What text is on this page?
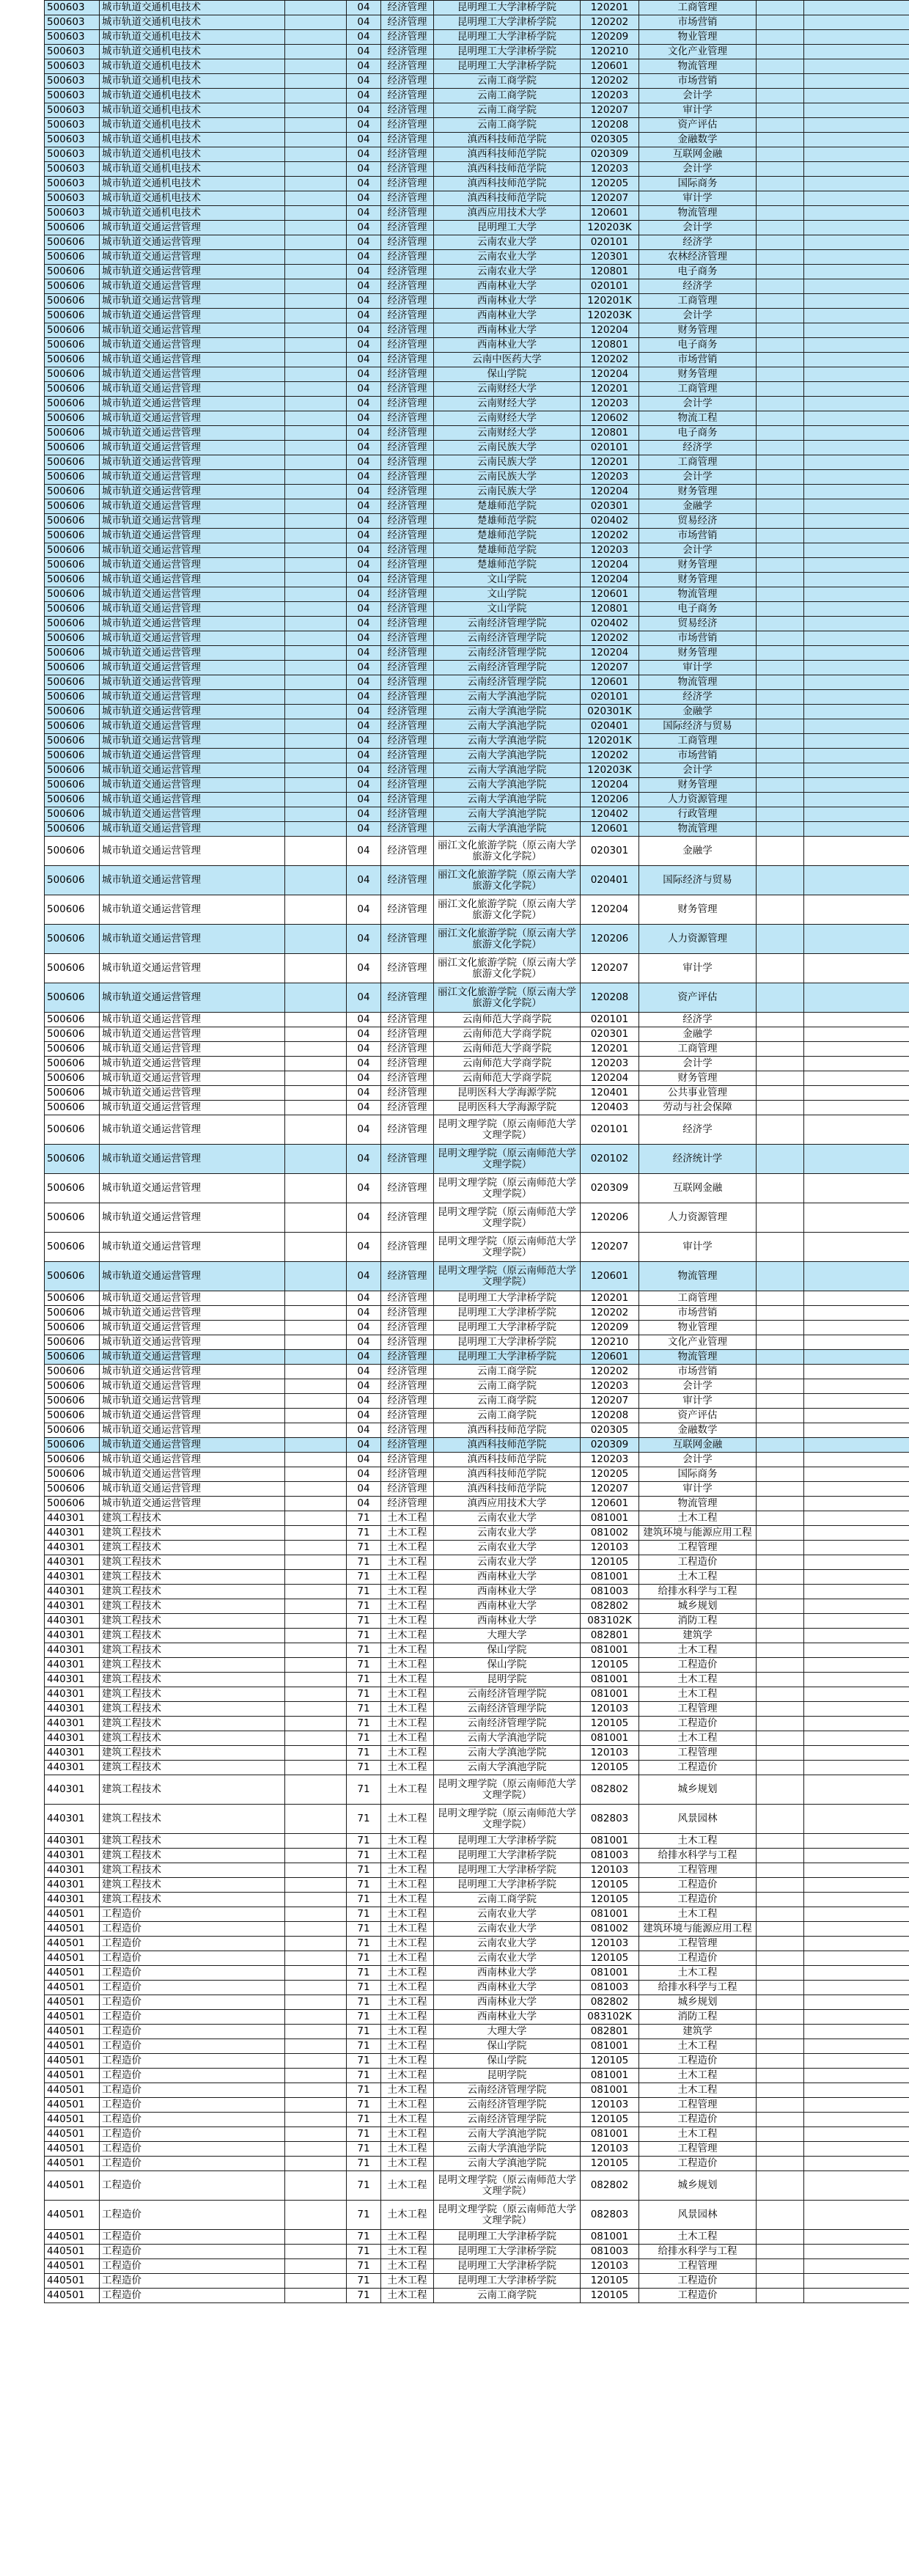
500603	城市轨道交通机电技术		04	经济管理	昆明理工大学津桥学院	120201	工商管理		
500603	城市轨道交通机电技术		04	经济管理	昆明理工大学津桥学院	120202	市场营销		
500603	城市轨道交通机电技术		04	经济管理	昆明理工大学津桥学院	120209	物业管理		
500603	城市轨道交通机电技术		04	经济管理	昆明理工大学津桥学院	120210	文化产业管理		
500603	城市轨道交通机电技术		04	经济管理	昆明理工大学津桥学院	120601	物流管理		
500603	城市轨道交通机电技术		04	经济管理	云南工商学院	120202	市场营销		
500603	城市轨道交通机电技术		04	经济管理	云南工商学院	120203	会计学		
500603	城市轨道交通机电技术		04	经济管理	云南工商学院	120207	审计学		
500603	城市轨道交通机电技术		04	经济管理	云南工商学院	120208	资产评估		
500603	城市轨道交通机电技术		04	经济管理	滇西科技师范学院	020305	金融数学		
500603	城市轨道交通机电技术		04	经济管理	滇西科技师范学院	020309	互联网金融		
500603	城市轨道交通机电技术		04	经济管理	滇西科技师范学院	120203	会计学		
500603	城市轨道交通机电技术		04	经济管理	滇西科技师范学院	120205	国际商务		
500603	城市轨道交通机电技术		04	经济管理	滇西科技师范学院	120207	审计学		
500603	城市轨道交通机电技术		04	经济管理	滇西应用技术大学	120601	物流管理		
500606	城市轨道交通运营管理		04	经济管理	昆明理工大学	120203K	会计学		
500606	城市轨道交通运营管理		04	经济管理	云南农业大学	020101	经济学		
500606	城市轨道交通运营管理		04	经济管理	云南农业大学	120301	农林经济管理		
500606	城市轨道交通运营管理		04	经济管理	云南农业大学	120801	电子商务		
500606	城市轨道交通运营管理		04	经济管理	西南林业大学	020101	经济学		
500606	城市轨道交通运营管理		04	经济管理	西南林业大学	120201K	工商管理		
500606	城市轨道交通运营管理		04	经济管理	西南林业大学	120203K	会计学		
500606	城市轨道交通运营管理		04	经济管理	西南林业大学	120204	财务管理		
500606	城市轨道交通运营管理		04	经济管理	西南林业大学	120801	电子商务		
500606	城市轨道交通运营管理		04	经济管理	云南中医药大学	120202	市场营销		
500606	城市轨道交通运营管理		04	经济管理	保山学院	120204	财务管理		
500606	城市轨道交通运营管理		04	经济管理	云南财经大学	120201	工商管理		
500606	城市轨道交通运营管理		04	经济管理	云南财经大学	120203	会计学		
500606	城市轨道交通运营管理		04	经济管理	云南财经大学	120602	物流工程		
500606	城市轨道交通运营管理		04	经济管理	云南财经大学	120801	电子商务		
500606	城市轨道交通运营管理		04	经济管理	云南民族大学	020101	经济学		
500606	城市轨道交通运营管理		04	经济管理	云南民族大学	120201	工商管理		
500606	城市轨道交通运营管理		04	经济管理	云南民族大学	120203	会计学		
500606	城市轨道交通运营管理		04	经济管理	云南民族大学	120204	财务管理		
500606	城市轨道交通运营管理		04	经济管理	楚雄师范学院	020301	金融学		
500606	城市轨道交通运营管理		04	经济管理	楚雄师范学院	020402	贸易经济		
500606	城市轨道交通运营管理		04	经济管理	楚雄师范学院	120202	市场营销		
500606	城市轨道交通运营管理		04	经济管理	楚雄师范学院	120203	会计学		
500606	城市轨道交通运营管理		04	经济管理	楚雄师范学院	120204	财务管理		
500606	城市轨道交通运营管理		04	经济管理	文山学院	120204	财务管理		
500606	城市轨道交通运营管理		04	经济管理	文山学院	120601	物流管理		
500606	城市轨道交通运营管理		04	经济管理	文山学院	120801	电子商务		
500606	城市轨道交通运营管理		04	经济管理	云南经济管理学院	020402	贸易经济		
500606	城市轨道交通运营管理		04	经济管理	云南经济管理学院	120202	市场营销		
500606	城市轨道交通运营管理		04	经济管理	云南经济管理学院	120204	财务管理		
500606	城市轨道交通运营管理		04	经济管理	云南经济管理学院	120207	审计学		
500606	城市轨道交通运营管理		04	经济管理	云南经济管理学院	120601	物流管理		
500606	城市轨道交通运营管理		04	经济管理	云南大学滇池学院	020101	经济学		
500606	城市轨道交通运营管理		04	经济管理	云南大学滇池学院	020301K	金融学		
500606	城市轨道交通运营管理		04	经济管理	云南大学滇池学院	020401	国际经济与贸易		
500606	城市轨道交通运营管理		04	经济管理	云南大学滇池学院	120201K	工商管理		
500606	城市轨道交通运营管理		04	经济管理	云南大学滇池学院	120202	市场营销		
500606	城市轨道交通运营管理		04	经济管理	云南大学滇池学院	120203K	会计学		
500606	城市轨道交通运营管理		04	经济管理	云南大学滇池学院	120204	财务管理		
500606	城市轨道交通运营管理		04	经济管理	云南大学滇池学院	120206	人力资源管理		
500606	城市轨道交通运营管理		04	经济管理	云南大学滇池学院	120402	行政管理		
500606	城市轨道交通运营管理		04	经济管理	云南大学滇池学院	120601	物流管理		
500606	城市轨道交通运营管理		04	经济管理	丽江文化旅游学院（原云南大学旅游文化学院）	020301	金融学		
500606	城市轨道交通运营管理		04	经济管理	丽江文化旅游学院（原云南大学旅游文化学院）	020401	国际经济与贸易		
500606	城市轨道交通运营管理		04	经济管理	丽江文化旅游学院（原云南大学旅游文化学院）	120204	财务管理		
500606	城市轨道交通运营管理		04	经济管理	丽江文化旅游学院（原云南大学旅游文化学院）	120206	人力资源管理		
500606	城市轨道交通运营管理		04	经济管理	丽江文化旅游学院（原云南大学旅游文化学院）	120207	审计学		
500606	城市轨道交通运营管理		04	经济管理	丽江文化旅游学院（原云南大学旅游文化学院）	120208	资产评估		
500606	城市轨道交通运营管理		04	经济管理	云南师范大学商学院	020101	经济学		
500606	城市轨道交通运营管理		04	经济管理	云南师范大学商学院	020301	金融学		
500606	城市轨道交通运营管理		04	经济管理	云南师范大学商学院	120201	工商管理		
500606	城市轨道交通运营管理		04	经济管理	云南师范大学商学院	120203	会计学		
500606	城市轨道交通运营管理		04	经济管理	云南师范大学商学院	120204	财务管理		
500606	城市轨道交通运营管理		04	经济管理	昆明医科大学海源学院	120401	公共事业管理		
500606	城市轨道交通运营管理		04	经济管理	昆明医科大学海源学院	120403	劳动与社会保障		
500606	城市轨道交通运营管理		04	经济管理	昆明文理学院（原云南师范大学文理学院）	020101	经济学		
500606	城市轨道交通运营管理		04	经济管理	昆明文理学院（原云南师范大学文理学院）	020102	经济统计学		
500606	城市轨道交通运营管理		04	经济管理	昆明文理学院（原云南师范大学文理学院）	020309	互联网金融		
500606	城市轨道交通运营管理		04	经济管理	昆明文理学院（原云南师范大学文理学院）	120206	人力资源管理		
500606	城市轨道交通运营管理		04	经济管理	昆明文理学院（原云南师范大学文理学院）	120207	审计学		
500606	城市轨道交通运营管理		04	经济管理	昆明文理学院（原云南师范大学文理学院）	120601	物流管理		
500606	城市轨道交通运营管理		04	经济管理	昆明理工大学津桥学院	120201	工商管理		
500606	城市轨道交通运营管理		04	经济管理	昆明理工大学津桥学院	120202	市场营销		
500606	城市轨道交通运营管理		04	经济管理	昆明理工大学津桥学院	120209	物业管理		
500606	城市轨道交通运营管理		04	经济管理	昆明理工大学津桥学院	120210	文化产业管理		
500606	城市轨道交通运营管理		04	经济管理	昆明理工大学津桥学院	120601	物流管理		
500606	城市轨道交通运营管理		04	经济管理	云南工商学院	120202	市场营销		
500606	城市轨道交通运营管理		04	经济管理	云南工商学院	120203	会计学		
500606	城市轨道交通运营管理		04	经济管理	云南工商学院	120207	审计学		
500606	城市轨道交通运营管理		04	经济管理	云南工商学院	120208	资产评估		
500606	城市轨道交通运营管理		04	经济管理	滇西科技师范学院	020305	金融数学		
500606	城市轨道交通运营管理		04	经济管理	滇西科技师范学院	020309	互联网金融		
500606	城市轨道交通运营管理		04	经济管理	滇西科技师范学院	120203	会计学		
500606	城市轨道交通运营管理		04	经济管理	滇西科技师范学院	120205	国际商务		
500606	城市轨道交通运营管理		04	经济管理	滇西科技师范学院	120207	审计学		
500606	城市轨道交通运营管理		04	经济管理	滇西应用技术大学	120601	物流管理		
440301	建筑工程技术		71	土木工程	云南农业大学	081001	土木工程		
440301	建筑工程技术		71	土木工程	云南农业大学	081002	建筑环境与能源应用工程		
440301	建筑工程技术		71	土木工程	云南农业大学	120103	工程管理		
440301	建筑工程技术		71	土木工程	云南农业大学	120105	工程造价		
440301	建筑工程技术		71	土木工程	西南林业大学	081001	土木工程		
440301	建筑工程技术		71	土木工程	西南林业大学	081003	给排水科学与工程		
440301	建筑工程技术		71	土木工程	西南林业大学	082802	城乡规划		
440301	建筑工程技术		71	土木工程	西南林业大学	083102K	消防工程		
440301	建筑工程技术		71	土木工程	大理大学	082801	建筑学		
440301	建筑工程技术		71	土木工程	保山学院	081001	土木工程		
440301	建筑工程技术		71	土木工程	保山学院	120105	工程造价		
440301	建筑工程技术		71	土木工程	昆明学院	081001	土木工程		
440301	建筑工程技术		71	土木工程	云南经济管理学院	081001	土木工程		
440301	建筑工程技术		71	土木工程	云南经济管理学院	120103	工程管理		
440301	建筑工程技术		71	土木工程	云南经济管理学院	120105	工程造价		
440301	建筑工程技术		71	土木工程	云南大学滇池学院	081001	土木工程		
440301	建筑工程技术		71	土木工程	云南大学滇池学院	120103	工程管理		
440301	建筑工程技术		71	土木工程	云南大学滇池学院	120105	工程造价		
440301	建筑工程技术		71	土木工程	昆明文理学院（原云南师范大学文理学院）	082802	城乡规划		
440301	建筑工程技术		71	土木工程	昆明文理学院（原云南师范大学文理学院）	082803	风景园林		
440301	建筑工程技术		71	土木工程	昆明理工大学津桥学院	081001	土木工程		
440301	建筑工程技术		71	土木工程	昆明理工大学津桥学院	081003	给排水科学与工程		
440301	建筑工程技术		71	土木工程	昆明理工大学津桥学院	120103	工程管理		
440301	建筑工程技术		71	土木工程	昆明理工大学津桥学院	120105	工程造价		
440301	建筑工程技术		71	土木工程	云南工商学院	120105	工程造价		
440501	工程造价		71	土木工程	云南农业大学	081001	土木工程		
440501	工程造价		71	土木工程	云南农业大学	081002	建筑环境与能源应用工程		
440501	工程造价		71	土木工程	云南农业大学	120103	工程管理		
440501	工程造价		71	土木工程	云南农业大学	120105	工程造价		
440501	工程造价		71	土木工程	西南林业大学	081001	土木工程		
440501	工程造价		71	土木工程	西南林业大学	081003	给排水科学与工程		
440501	工程造价		71	土木工程	西南林业大学	082802	城乡规划		
440501	工程造价		71	土木工程	西南林业大学	083102K	消防工程		
440501	工程造价		71	土木工程	大理大学	082801	建筑学		
440501	工程造价		71	土木工程	保山学院	081001	土木工程		
440501	工程造价		71	土木工程	保山学院	120105	工程造价		
440501	工程造价		71	土木工程	昆明学院	081001	土木工程		
440501	工程造价		71	土木工程	云南经济管理学院	081001	土木工程		
440501	工程造价		71	土木工程	云南经济管理学院	120103	工程管理		
440501	工程造价		71	土木工程	云南经济管理学院	120105	工程造价		
440501	工程造价		71	土木工程	云南大学滇池学院	081001	土木工程		
440501	工程造价		71	土木工程	云南大学滇池学院	120103	工程管理		
440501	工程造价		71	土木工程	云南大学滇池学院	120105	工程造价		
440501	工程造价		71	土木工程	昆明文理学院（原云南师范大学文理学院）	082802	城乡规划		
440501	工程造价		71	土木工程	昆明文理学院（原云南师范大学文理学院）	082803	风景园林		
440501	工程造价		71	土木工程	昆明理工大学津桥学院	081001	土木工程		
440501	工程造价		71	土木工程	昆明理工大学津桥学院	081003	给排水科学与工程		
440501	工程造价		71	土木工程	昆明理工大学津桥学院	120103	工程管理		
440501	工程造价		71	土木工程	昆明理工大学津桥学院	120105	工程造价		
440501	工程造价		71	土木工程	云南工商学院	120105	工程造价		
